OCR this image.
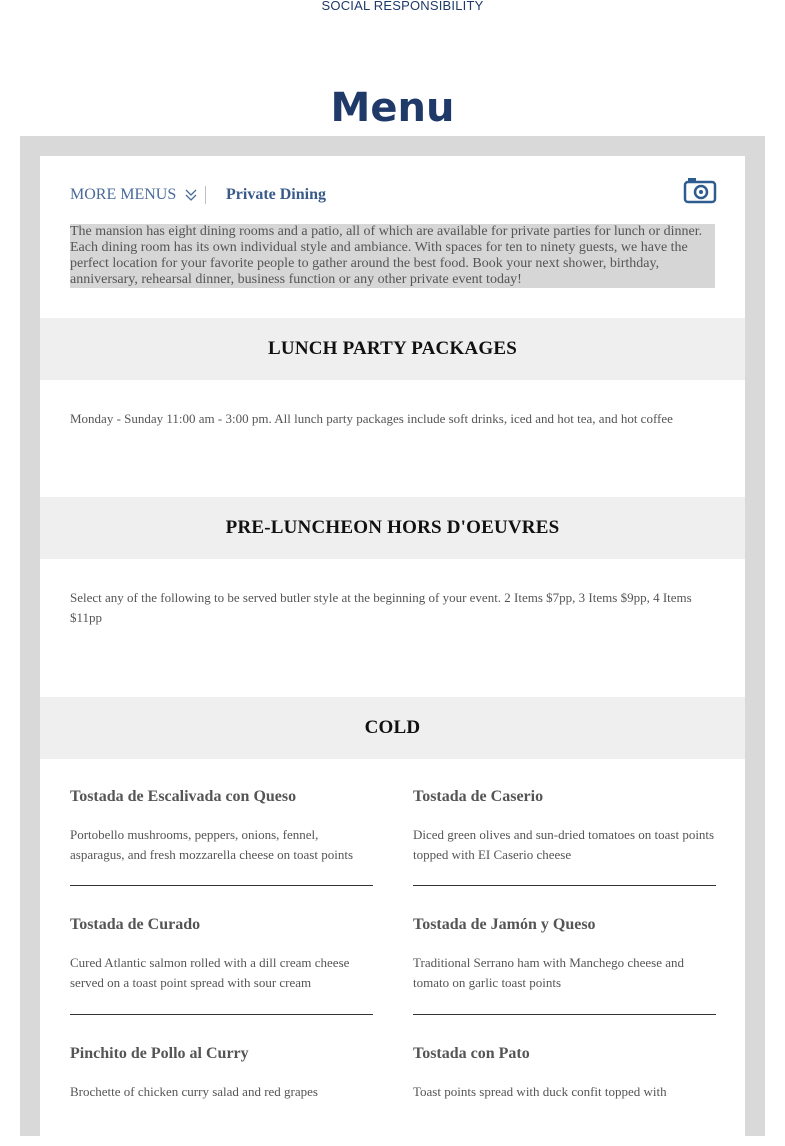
SOCIAL RESPONSIBILITY
Menu
MORE MENUS	Private Dining
The mansion has eight dining rooms and a patio, all of which are available for private parties for lunch or dinner. Each dining room has its own individual style and ambiance. With spaces for ten to ninety guests, we have the perfect location for your favorite people to gather around the best food. Book your next shower, birthday, anniversary, rehearsal dinner, business function or any other private event today!
LUNCH PARTY PACKAGES
Monday - Sunday 11:00 am - 3:00 pm. All lunch party packages include soft drinks, iced and hot tea, and hot coffee
PRE-LUNCHEON HORS D'OEUVRES
Select any of the following to be served butler style at the beginning of your event. 2 Items $7pp, 3 Items $9pp, 4 Items $11pp
COLD
Tostada de Escalivada con Queso
Portobello mushrooms, peppers, onions, fennel, asparagus, and fresh mozzarella cheese on toast points
Tostada de Caserio
Diced green olives and sun-dried tomatoes on toast points topped with EI Caserio cheese
Tostada de Curado
Cured Atlantic salmon rolled with a dill cream cheese served on a toast point spread with sour cream
Tostada de Jamón y Queso
Traditional Serrano ham with Manchego cheese and tomato on garlic toast points
Pinchito de Pollo al Curry
Brochette of chicken curry salad and red grapes
Tostada con Pato
Toast points spread with duck confit topped with
